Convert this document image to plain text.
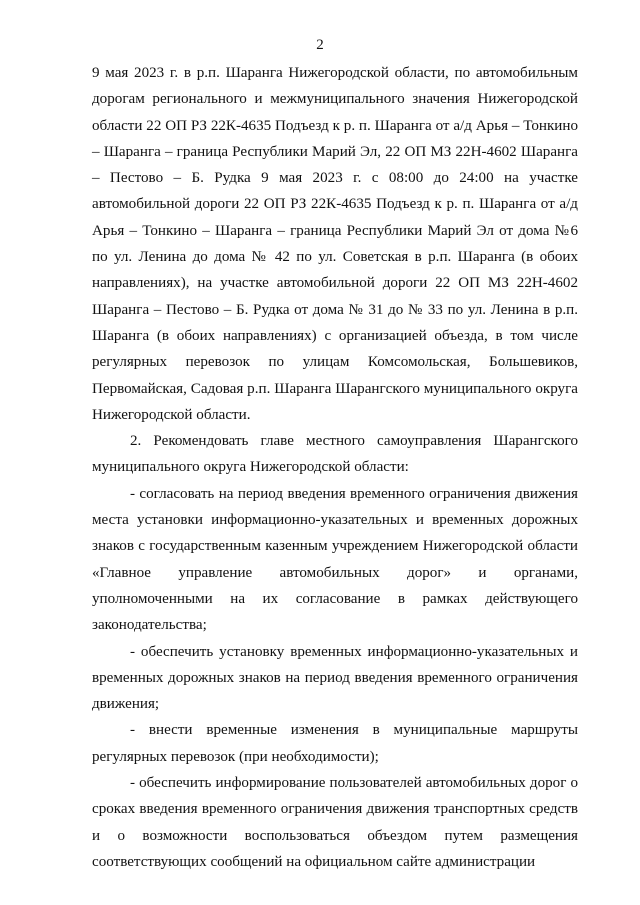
2

9 мая 2023 г. в р.п. Шаранга Нижегородской области, по автомобильным дорогам регионального и межмуниципального значения Нижегородской области 22 ОП РЗ 22К-4635 Подъезд к р. п. Шаранга от а/д Арья – Тонкино – Шаранга – граница Республики Марий Эл, 22 ОП МЗ 22Н-4602 Шаранга – Пестово – Б. Рудка 9 мая 2023 г. с 08:00 до 24:00 на участке автомобильной дороги 22 ОП РЗ 22К-4635 Подъезд к р. п. Шаранга от а/д Арья – Тонкино – Шаранга – граница Республики Марий Эл от дома №6 по ул. Ленина до дома № 42 по ул. Советская в р.п. Шаранга (в обоих направлениях), на участке автомобильной дороги 22 ОП МЗ 22Н-4602 Шаранга – Пестово – Б. Рудка от дома № 31 до № 33 по ул. Ленина в р.п. Шаранга (в обоих направлениях) с организацией объезда, в том числе регулярных перевозок по улицам Комсомольская, Большевиков, Первомайская, Садовая р.п. Шаранга Шарангского муниципального округа Нижегородской области.

2. Рекомендовать главе местного самоуправления Шарангского муниципального округа Нижегородской области:

- согласовать на период введения временного ограничения движения места установки информационно-указательных и временных дорожных знаков с государственным казенным учреждением Нижегородской области «Главное управление автомобильных дорог» и органами, уполномоченными на их согласование в рамках действующего законодательства;

- обеспечить установку временных информационно-указательных и временных дорожных знаков на период введения временного ограничения движения;

- внести временные изменения в муниципальные маршруты регулярных перевозок (при необходимости);

- обеспечить информирование пользователей автомобильных дорог о сроках введения временного ограничения движения транспортных средств и о возможности воспользоваться объездом путем размещения соответствующих сообщений на официальном сайте администрации
